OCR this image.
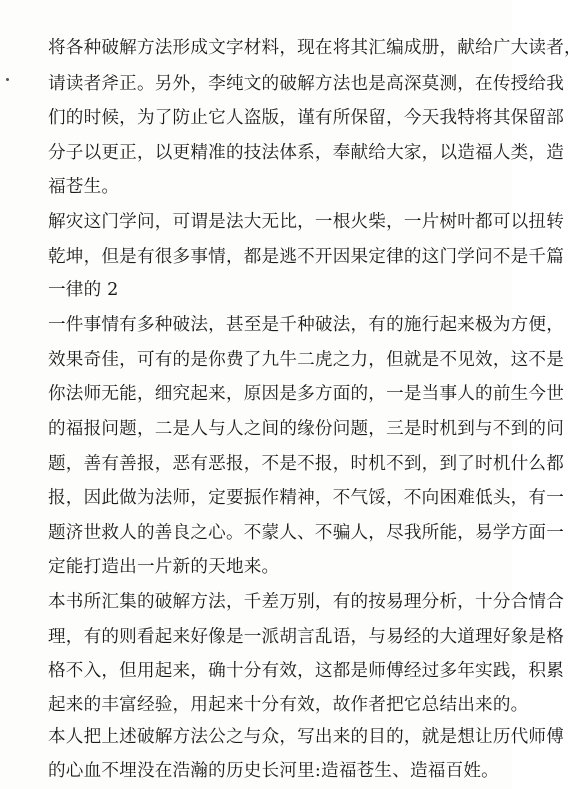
将各种破解方法形成文字材料，现在将其汇编成册，献给广大读者，
请读者斧正。另外，李纯文的破解方法也是高深莫测，在传授给我
们的时候，为了防止它人盗版，谨有所保留，今天我特将其保留部
分子以更正，以更精准的技法体系，奉献给大家，以造福人类，造
福苍生。
解灾这门学问，可谓是法大无比，一根火柴，一片树叶都可以扭转
乾坤，但是有很多事情，都是逃不开因果定律的这门学问不是千篇
一律的 2
一件事情有多种破法，甚至是千种破法，有的施行起来极为方便，
效果奇佳，可有的是你费了九牛二虎之力，但就是不见效，这不是
你法师无能，细究起来，原因是多方面的，一是当事人的前生今世
的福报问题，二是人与人之间的缘份问题，三是时机到与不到的问
题，善有善报，恶有恶报，不是不报，时机不到，到了时机什么都
报，因此做为法师，定要振作精神，不气馁，不向困难低头，有一
题济世救人的善良之心。不蒙人、不骗人，尽我所能，易学方面一
定能打造出一片新的天地来。
本书所汇集的破解方法，千差万别，有的按易理分析，十分合情合
理，有的则看起来好像是一派胡言乱语，与易经的大道理好象是格
格不入，但用起来，确十分有效，这都是师傅经过多年实践，积累
起来的丰富经验，用起来十分有效，故作者把它总结出来的。
本人把上述破解方法公之与众，写出来的目的，就是想让历代师傅
的心血不埋没在浩瀚的历史长河里:造福苍生、造福百姓。
